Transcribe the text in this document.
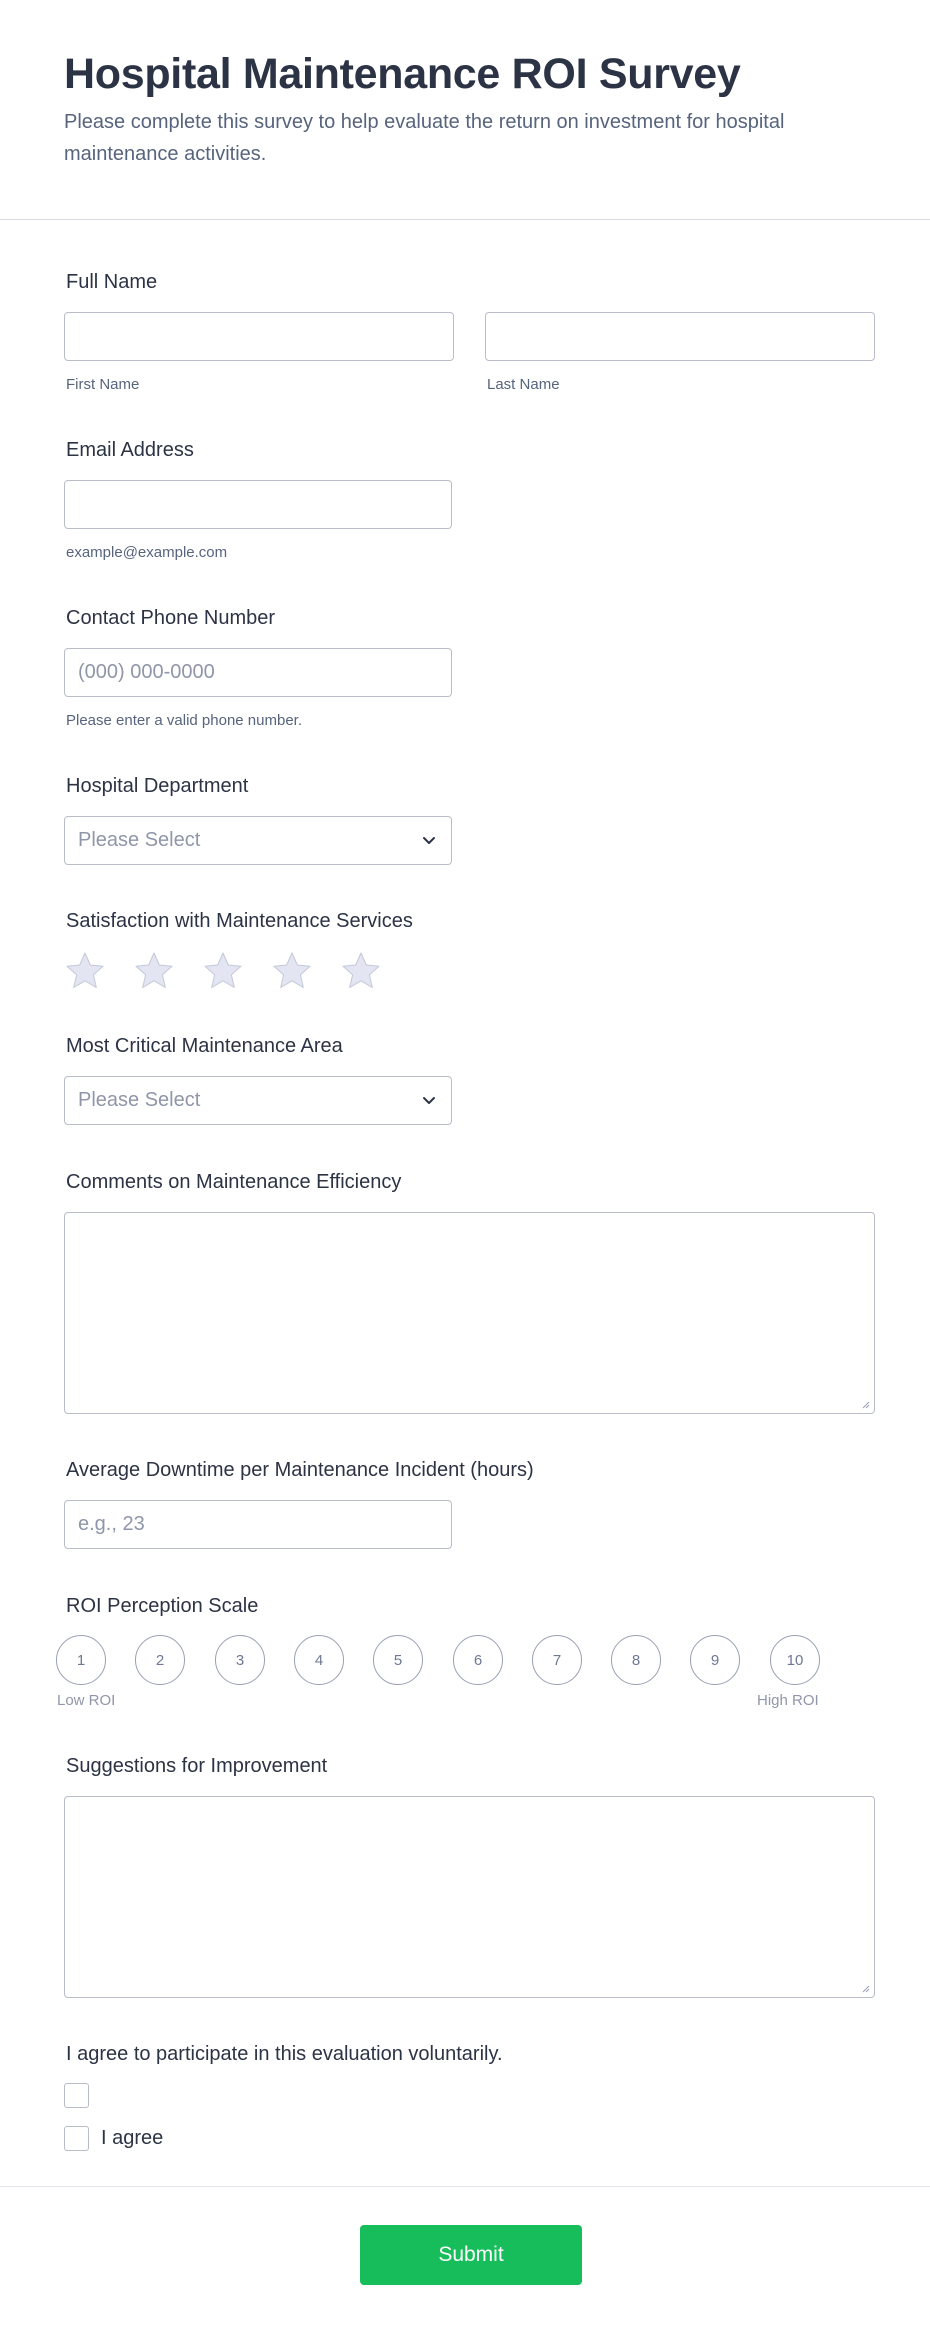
Hospital Maintenance ROI Survey

Please complete this survey to help evaluate the return on investment for hospital maintenance activities.

Full Name
First Name	Last Name
Email Address
example@example.com
Contact Phone Number
(000) 000-0000
Please enter a valid phone number.
Hospital Department
Please Select
Satisfaction with Maintenance Services
Most Critical Maintenance Area
Please Select
Comments on Maintenance Efficiency
Average Downtime per Maintenance Incident (hours)
e.g., 23
ROI Perception Scale
1	2	3	4	5	6	7	8	9	10
Low ROI	High ROI
Suggestions for Improvement
I agree to participate in this evaluation voluntarily.
I agree
Submit
